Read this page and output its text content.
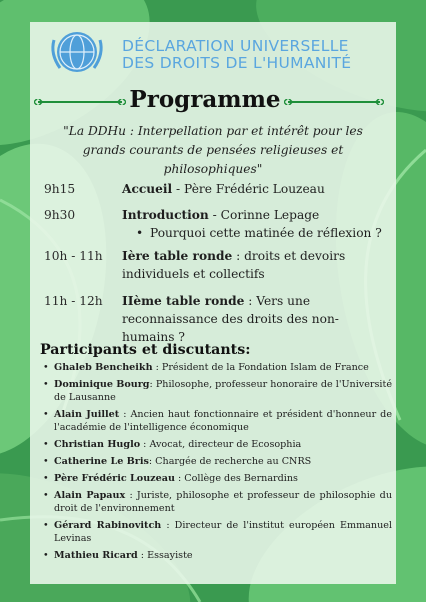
DÉCLARATION UNIVERSELLE
DES DROITS DE L'HUMANITÉ
Programme
"La DDHu : Interpellation par et intérêt pour les grands courants de pensées religieuses et philosophiques"
9h15	Accueil - Père Frédéric Louzeau
9h30	Introduction - Corinne Lepage
• Pourquoi cette matinée de réflexion ?
10h - 11h	Ière table ronde : droits et devoirs individuels et collectifs
11h - 12h	IIème table ronde : Vers une reconnaissance des droits des non-humains ?
Participants et discutants:
• Ghaleb Bencheikh : Président de la Fondation Islam de France
• Dominique Bourg: Philosophe, professeur honoraire de l'Université de Lausanne
• Alain Juillet : Ancien haut fonctionnaire et président d'honneur de l'académie de l'intelligence économique
• Christian Huglo : Avocat, directeur de Ecosophia
• Catherine Le Bris: Chargée de recherche au CNRS
• Père Frédéric Louzeau : Collège des Bernardins
• Alain Papaux : Juriste, philosophe et professeur de philosophie du droit de l'environnement
• Gérard Rabinovitch : Directeur de l'institut européen Emmanuel Levinas
• Mathieu Ricard : Essayiste
